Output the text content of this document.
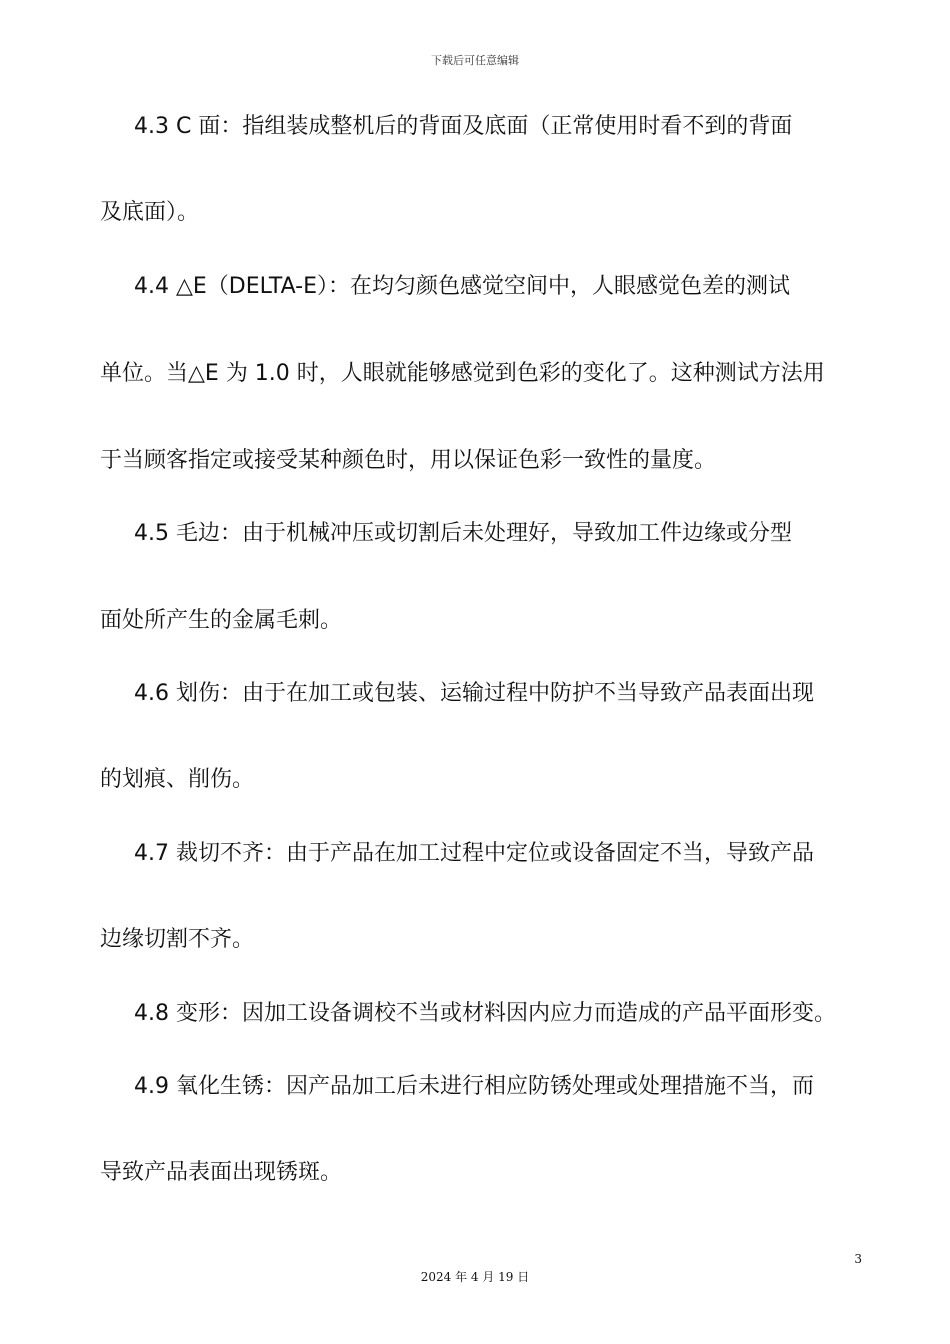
下载后可任意编辑
4.3 C 面：指组装成整机后的背面及底面（正常使用时看不到的背面
及底面）。
4.4 △E（DELTA-E）：在均匀颜色感觉空间中，人眼感觉色差的测试
单位。当△E 为 1.0 时，人眼就能够感觉到色彩的变化了。这种测试方法用
于当顾客指定或接受某种颜色时，用以保证色彩一致性的量度。
4.5 毛边：由于机械冲压或切割后未处理好，导致加工件边缘或分型
面处所产生的金属毛刺。
4.6 划伤：由于在加工或包装、运输过程中防护不当导致产品表面出现
的划痕、削伤。
4.7 裁切不齐：由于产品在加工过程中定位或设备固定不当，导致产品
边缘切割不齐。
4.8 变形：因加工设备调校不当或材料因内应力而造成的产品平面形变。
4.9 氧化生锈：因产品加工后未进行相应防锈处理或处理措施不当，而
导致产品表面出现锈斑。
3
2024 年 4 月 19 日
